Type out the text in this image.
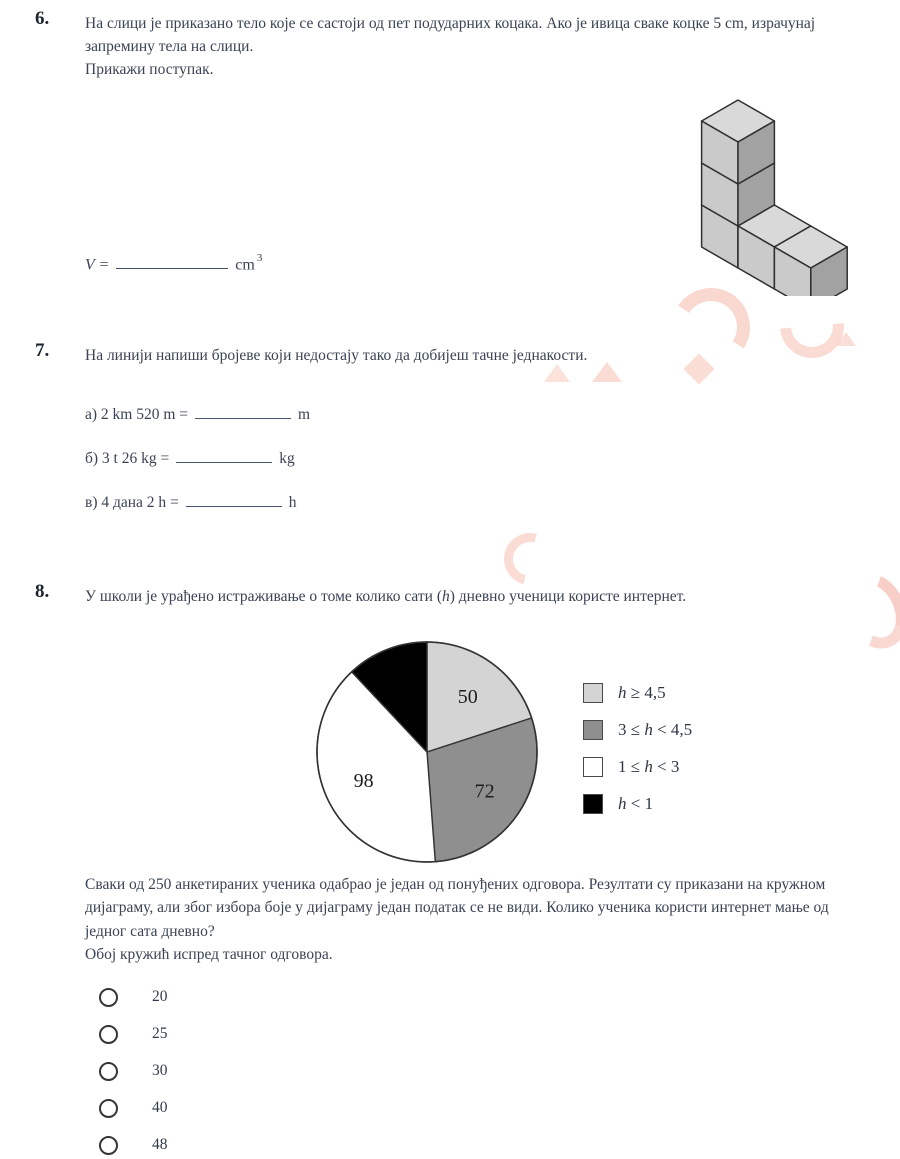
6. На слици је приказано тело које се састоји од пет подударних коцака. Ако је ивица сваке коцке 5 cm, израчунај
запремину тела на слици.
Прикажи поступак.
V =	cm $^3$
7. На линији напиши бројеве који недостају тако да добијеш тачне једнакости.
а) 2 km 520 m =	m
б) 3 t 26 kg =	kg
в) 4 дана 2 h =	h
8. У школи је урађено истраживање о томе колико сати (h) дневно ученици користе интернет.
50
72
98
h ≥ 4,5
3 ≤ h < 4,5
1 ≤ h < 3
h < 1
Сваки од 250 анкетираних ученика одабрао је један од понуђених одговора. Резултати су приказани на кружном
дијаграму, али због избора боје у дијаграму један податак се не види. Колико ученика користи интернет мање од
једног сата дневно?
Обој кружић испред тачног одговора.
20
25
30
40
48
